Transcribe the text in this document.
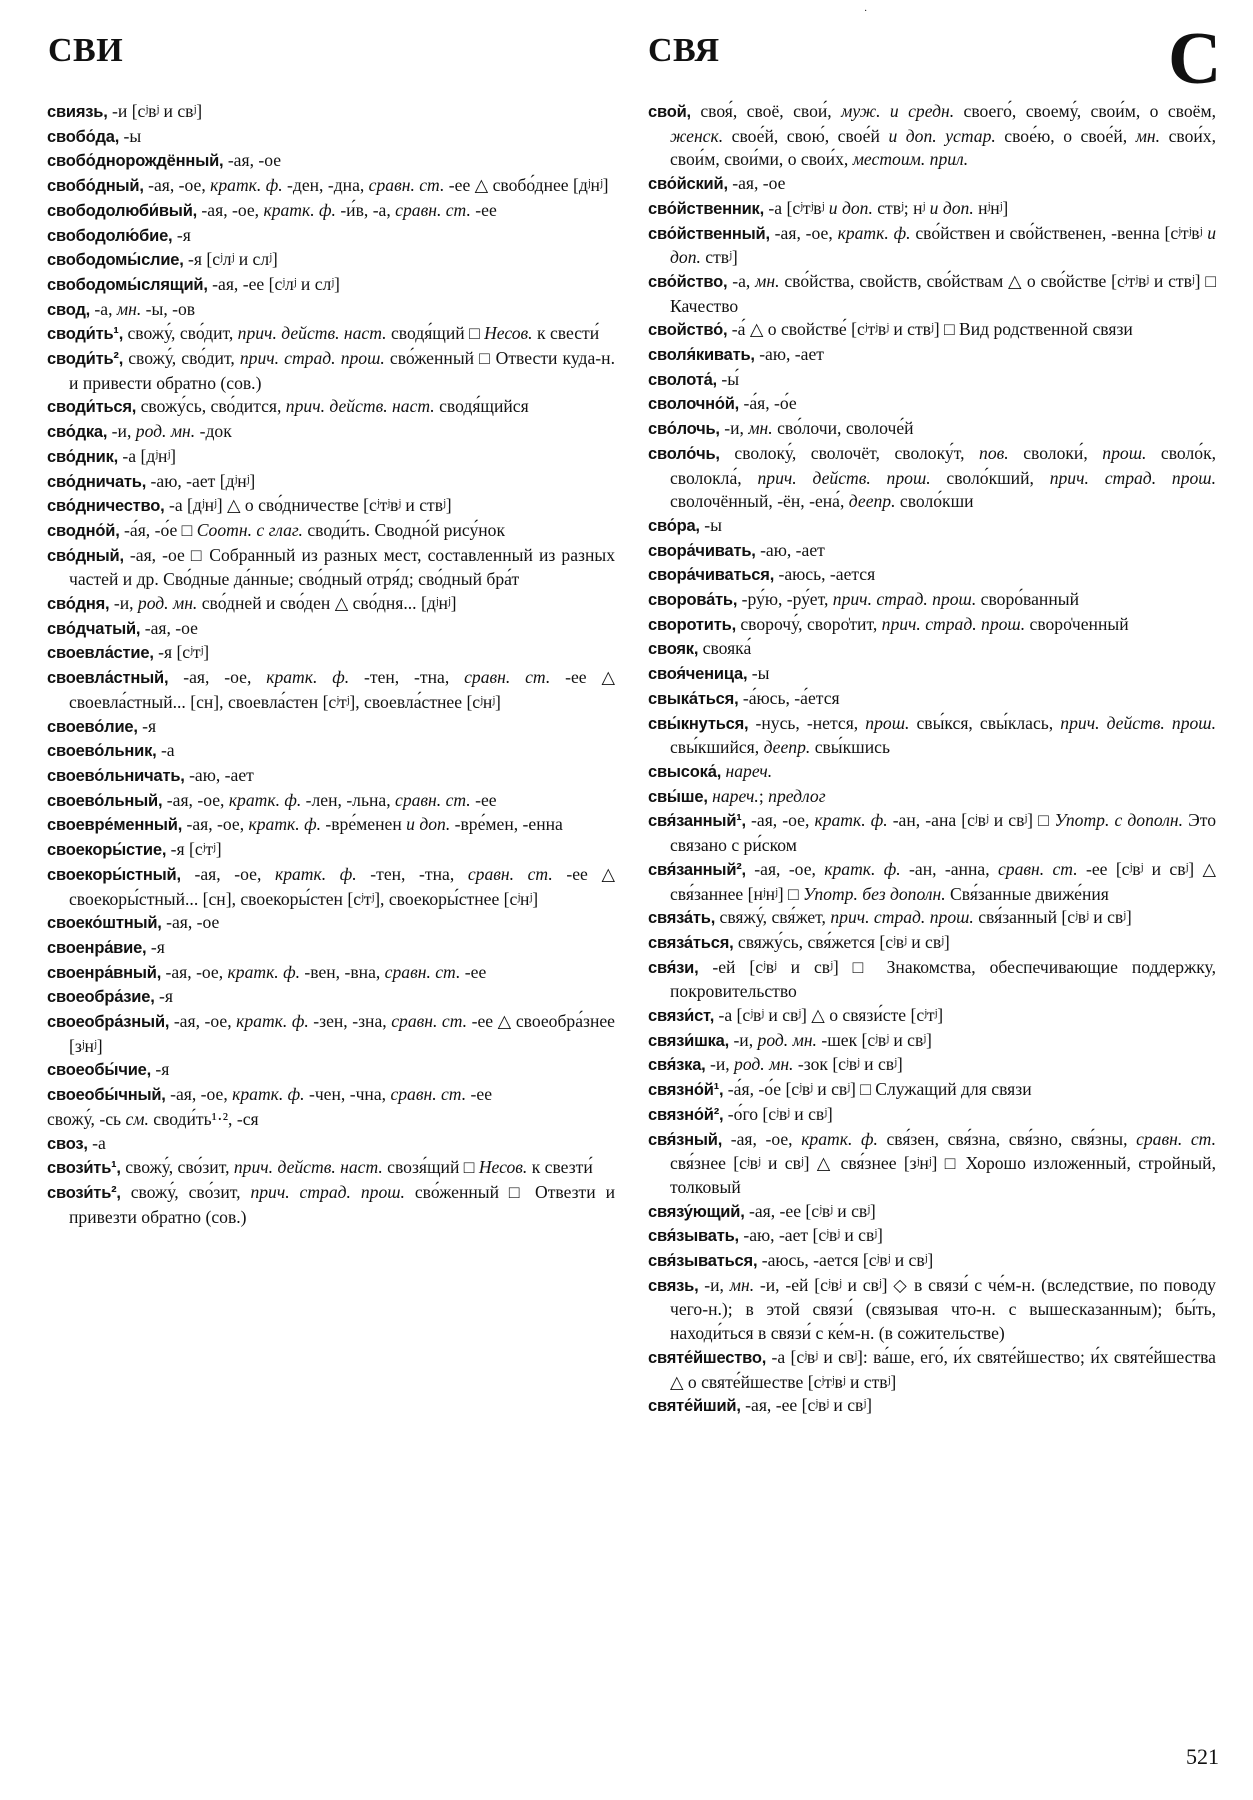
СВИ	СВЯ	С
·

свиязь, -и [сʲвʲ и свʲ]

свобо́да, -ы

свобо́днорождённый, -ая, -ое

свобо́дный, -ая, -ое, кратк. ф. -ден, -дна, сравн. ст. -ее △ свобо́днее [дʲнʲ]

свободолюби́вый, -ая, -ое, кратк. ф. -и́в, -а, сравн. ст. -ее

свободолю́бие, -я

свободомы́слие, -я [сʲлʲ и слʲ]

свободомы́слящий, -ая, -ее [сʲлʲ и слʲ]

свод, -а, мн. -ы, -ов

своди́ть¹, свожу́, сво́дит, прич. действ. наст. сводя́щий □ Несов. к свести́

своди́ть², свожу́, сво́дит, прич. страд. прош. сво́женный □ Отвести куда-н. и привести обратно (сов.)

своди́ться, свожу́сь, сво́дится, прич. действ. наст. сводя́щийся

сво́дка, -и, род. мн. -док

сво́дник, -а [дʲнʲ]

сво́дничать, -аю, -ает [дʲнʲ]

сво́дничество, -а [дʲнʲ] △ о сво́дничестве [сʲтʲвʲ и ствʲ]

сводно́й, -а́я, -о́е □ Соотн. с глаг. своди́ть. Сводно́й рису́нок

сво́дный, -ая, -ое □ Собранный из разных мест, составленный из разных частей и др. Сво́дные да́нные; сво́дный отря́д; сво́дный бра́т

сво́дня, -и, род. мн. сво́дней и сво́ден △ сво́дня... [дʲнʲ]

сво́дчатый, -ая, -ое

своевла́стие, -я [сʲтʲ]

своевла́стный, -ая, -ое, кратк. ф. -тен, -тна, сравн. ст. -ее △ своевла́стный... [сн], своевла́стен [сʲтʲ], своевла́стнее [сʲнʲ]

своево́лие, -я

своево́льник, -а

своево́льничать, -аю, -ает

своево́льный, -ая, -ое, кратк. ф. -лен, -льна, сравн. ст. -ее

своевре́менный, -ая, -ое, кратк. ф. -вре́менен и доп. -вре́мен, -енна

своекоры́стие, -я [сʲтʲ]

своекоры́стный, -ая, -ое, кратк. ф. -тен, -тна, сравн. ст. -ее △ своекоры́стный... [сн], своекоры́стен [сʲтʲ], своекоры́стнее [сʲнʲ]

своеко́штный, -ая, -ое

своенра́вие, -я

своенра́вный, -ая, -ое, кратк. ф. -вен, -вна, сравн. ст. -ее

своеобра́зие, -я

своеобра́зный, -ая, -ое, кратк. ф. -зен, -зна, сравн. ст. -ее △ своеобра́знее [зʲнʲ]

своеобы́чие, -я

своеобы́чный, -ая, -ое, кратк. ф. -чен, -чна, сравн. ст. -ее

свожу́, -сь см. своди́ть¹·², -ся

своз, -а

свози́ть¹, свожу́, сво́зит, прич. действ. наст. свозя́щий □ Несов. к свезти́

свози́ть², свожу́, сво́зит, прич. страд. прош. сво́женный □ Отвезти и привезти обратно (сов.)

свой, своя́, своё, свои́, муж. и средн. своего́, своему́, свои́м, о своём, женск. свое́й, свою́, свое́й и доп. устар. свое́ю, о свое́й, мн. свои́х, свои́м, свои́ми, о свои́х, местоим. прил.

сво́йский, -ая, -ое

сво́йственник, -а [сʲтʲвʲ и доп. ствʲ; нʲ и доп. нʲнʲ]

сво́йственный, -ая, -ое, кратк. ф. сво́йствен и сво́йственен, -венна [сʲтʲвʲ и доп. ствʲ]

сво́йство, -а, мн. сво́йства, свойств, сво́йствам △ о сво́йстве [сʲтʲвʲ и ствʲ] □ Качество

свойство́, -а́ △ о свойстве́ [сʲтʲвʲ и ствʲ] □ Вид родственной связи

своля́кивать, -аю, -ает

сволота́, -ы́

сволочно́й, -а́я, -о́е

сво́лочь, -и, мн. сво́лочи, сволоче́й

своло́чь, сволоку́, сволочёт, сволоку́т, пов. сволоки́, прош. своло́к, сволокла́, прич. действ. прош. своло́кший, прич. страд. прош. сволочённый, -ён, -ена́, деепр. своло́кши

сво́ра, -ы

свора́чивать, -аю, -ает

свора́чиваться, -аюсь, -ается

сворова́ть, -ру́ю, -ру́ет, прич. страд. прош. своро́ванный

своротить, сворочу́, сворo̍тит, прич. страд. прош. сворo̍ченный

свояк, свояка́

своя́ченица, -ы

свыка́ться, -а́юсь, -а́ется

свы́кнуться, -нусь, -нется, прош. свы́кся, свы́клась, прич. действ. прош. свы́кшийся, деепр. свы́кшись

свысока́, нареч.

свы́ше, нареч.; предлог

свя́занный¹, -ая, -ое, кратк. ф. -ан, -ана [сʲвʲ и свʲ] □ Употр. с дополн. Это связано с ри́ском

свя́занный², -ая, -ое, кратк. ф. -ан, -анна, сравн. ст. -ее [сʲвʲ и свʲ] △ свя́заннее [нʲнʲ] □ Употр. без дополн. Свя́занные движе́ния

связа́ть, свяжу́, свя́жет, прич. страд. прош. свя́занный [сʲвʲ и свʲ]

связа́ться, свяжу́сь, свя́жется [сʲвʲ и свʲ]

свя́зи, -ей [сʲвʲ и свʲ] □ Знакомства, обеспечивающие поддержку, покровительство

связи́ст, -а [сʲвʲ и свʲ] △ о связи́сте [сʲтʲ]

связи́шка, -и, род. мн. -шек [сʲвʲ и свʲ]

свя́зка, -и, род. мн. -зок [сʲвʲ и свʲ]

связно́й¹, -а́я, -о́е [сʲвʲ и свʲ] □ Служащий для связи

связно́й², -о́го [сʲвʲ и свʲ]

свя́зный, -ая, -ое, кратк. ф. свя́зен, свя́зна, свя́зно, свя́зны, сравн. ст. свя́знее [сʲвʲ и свʲ] △ свя́знее [зʲнʲ] □ Хорошо изложенный, стройный, толковый

связу́ющий, -ая, -ее [сʲвʲ и свʲ]

свя́зывать, -аю, -ает [сʲвʲ и свʲ]

свя́зываться, -аюсь, -ается [сʲвʲ и свʲ]

связь, -и, мн. -и, -ей [сʲвʲ и свʲ] ◇ в связи́ с че́м-н. (вследствие, по поводу чего-н.); в этой связи́ (связывая что-н. с вышесказанным); бы́ть, находи́ться в связи́ с ке́м-н. (в сожительстве)

святе́йшество, -а [сʲвʲ и свʲ]: ва́ше, его́, и́х святе́йшество; и́х святе́йшества △ о святе́йшестве [сʲтʲвʲ и ствʲ]

святе́йший, -ая, -ее [сʲвʲ и свʲ]

521
